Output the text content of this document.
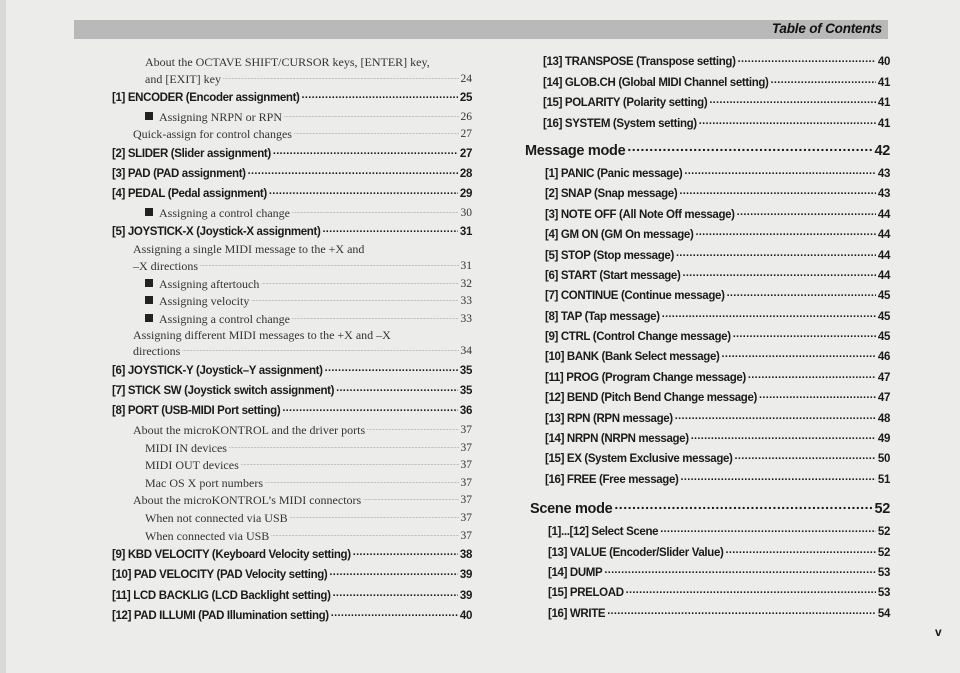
Table of Contents
About the OCTAVE SHIFT/CURSOR keys, [ENTER] key,
and [EXIT] key .....	24
[1] ENCODER (Encoder assignment) .....	25
Assigning NRPN or RPN .....	26
Quick-assign for control changes .....	27
[2] SLIDER (Slider assignment) .....	27
[3] PAD (PAD assignment) .....	28
[4] PEDAL (Pedal assignment) .....	29
Assigning a control change .....	30
[5] JOYSTICK-X (Joystick-X assignment) .....	31
Assigning a single MIDI message to the +X and
–X directions .....	31
Assigning aftertouch .....	32
Assigning velocity .....	33
Assigning a control change .....	33
Assigning different MIDI messages to the +X and –X
directions .....	34
[6] JOYSTICK-Y (Joystick–Y assignment) .....	35
[7] STICK SW (Joystick switch assignment) .....	35
[8] PORT (USB-MIDI Port setting) .....	36
About the microKONTROL and the driver ports .....	37
MIDI IN devices .....	37
MIDI OUT devices .....	37
Mac OS X port numbers .....	37
About the microKONTROL’s MIDI connectors .....	37
When not connected via USB .....	37
When connected via USB .....	37
[9] KBD VELOCITY (Keyboard Velocity setting) .....	38
[10] PAD VELOCITY (PAD Velocity setting) .....	39
[11] LCD BACKLIG (LCD Backlight setting) .....	39
[12] PAD ILLUMI (PAD Illumination setting) .....	40
[13] TRANSPOSE (Transpose setting) .....	40
[14] GLOB.CH (Global MIDI Channel setting) .....	41
[15] POLARITY (Polarity setting) .....	41
[16] SYSTEM (System setting) .....	41
Message mode .....	42
[1] PANIC (Panic message) .....	43
[2] SNAP (Snap message) .....	43
[3] NOTE OFF (All Note Off message) .....	44
[4] GM ON (GM On message) .....	44
[5] STOP (Stop message) .....	44
[6] START (Start message) .....	44
[7] CONTINUE (Continue message) .....	45
[8] TAP (Tap message) .....	45
[9] CTRL (Control Change message) .....	45
[10] BANK (Bank Select message) .....	46
[11] PROG (Program Change message) .....	47
[12] BEND (Pitch Bend Change message) .....	47
[13] RPN (RPN message) .....	48
[14] NRPN (NRPN message) .....	49
[15] EX (System Exclusive message) .....	50
[16] FREE (Free message) .....	51
Scene mode .....	52
[1]...[12] Select Scene .....	52
[13] VALUE (Encoder/Slider Value) .....	52
[14] DUMP .....	53
[15] PRELOAD .....	53
[16] WRITE .....	54
v
